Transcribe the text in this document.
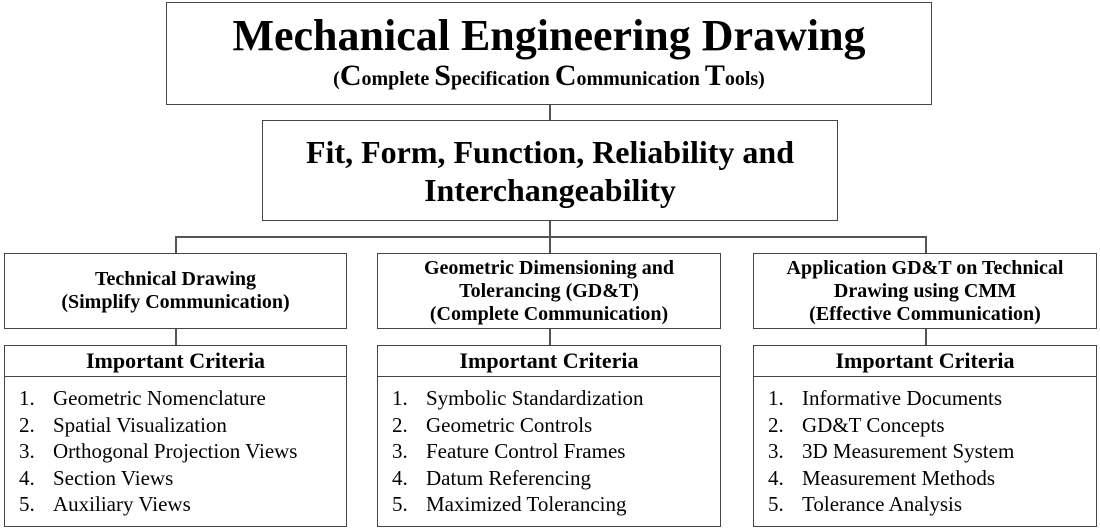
Mechanical Engineering Drawing
(Complete Specification Communication Tools)
Fit, Form, Function, Reliability and Interchangeability
Technical Drawing
(Simplify Communication)
Important Criteria
1. Geometric Nomenclature
2. Spatial Visualization
3. Orthogonal Projection Views
4. Section Views
5. Auxiliary Views
Geometric Dimensioning and
Tolerancing (GD&T)
(Complete Communication)
Important Criteria
1. Symbolic Standardization
2. Geometric Controls
3. Feature Control Frames
4. Datum Referencing
5. Maximized Tolerancing
Application GD&T on Technical
Drawing using CMM
(Effective Communication)
Important Criteria
1. Informative Documents
2. GD&T Concepts
3. 3D Measurement System
4. Measurement Methods
5. Tolerance Analysis
